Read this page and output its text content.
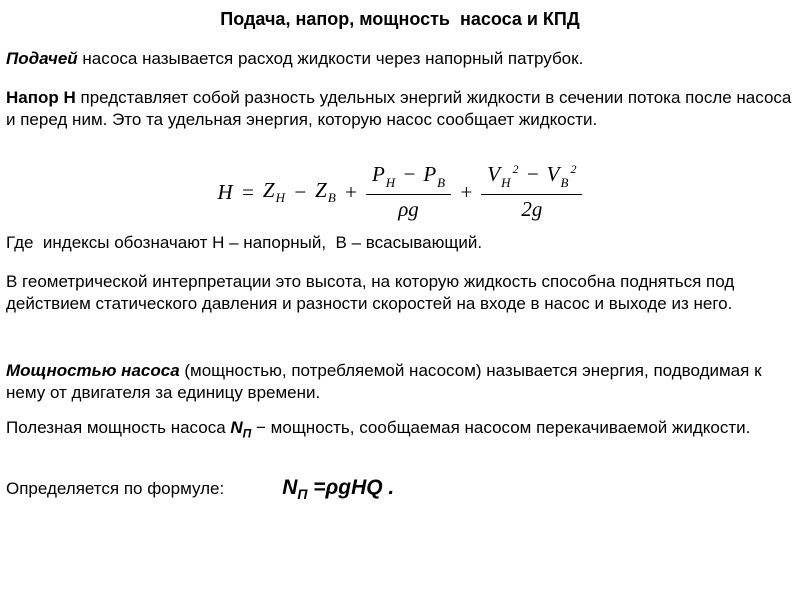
Подача, напор, мощность  насоса и КПД

Подачей насоса называется расход жидкости через напорный патрубок.

Напор Н представляет собой разность удельных энергий жидкости в сечении потока после насоса и перед ним. Это та удельная энергия, которую насос сообщает жидкости.

$H = Z_Н - Z_В + \frac{P_Н - P_В}{\rho g} + \frac{V_Н^2 - V_В^2}{2g}$

Где  индексы обозначают Н – напорный,  В – всасывающий.

В геометрической интерпретации это высота, на которую жидкость способна подняться под действием статического давления и разности скоростей на входе в насос и выходе из него.

Мощностью насоса (мощностью, потребляемой насосом) называется энергия, подводимая к нему от двигателя за единицу времени.

Полезная мощность насоса $N_П$ − мощность, сообщаемая насосом перекачиваемой жидкости.

Определяется по формуле:	$N_П =\rho gHQ$ .
